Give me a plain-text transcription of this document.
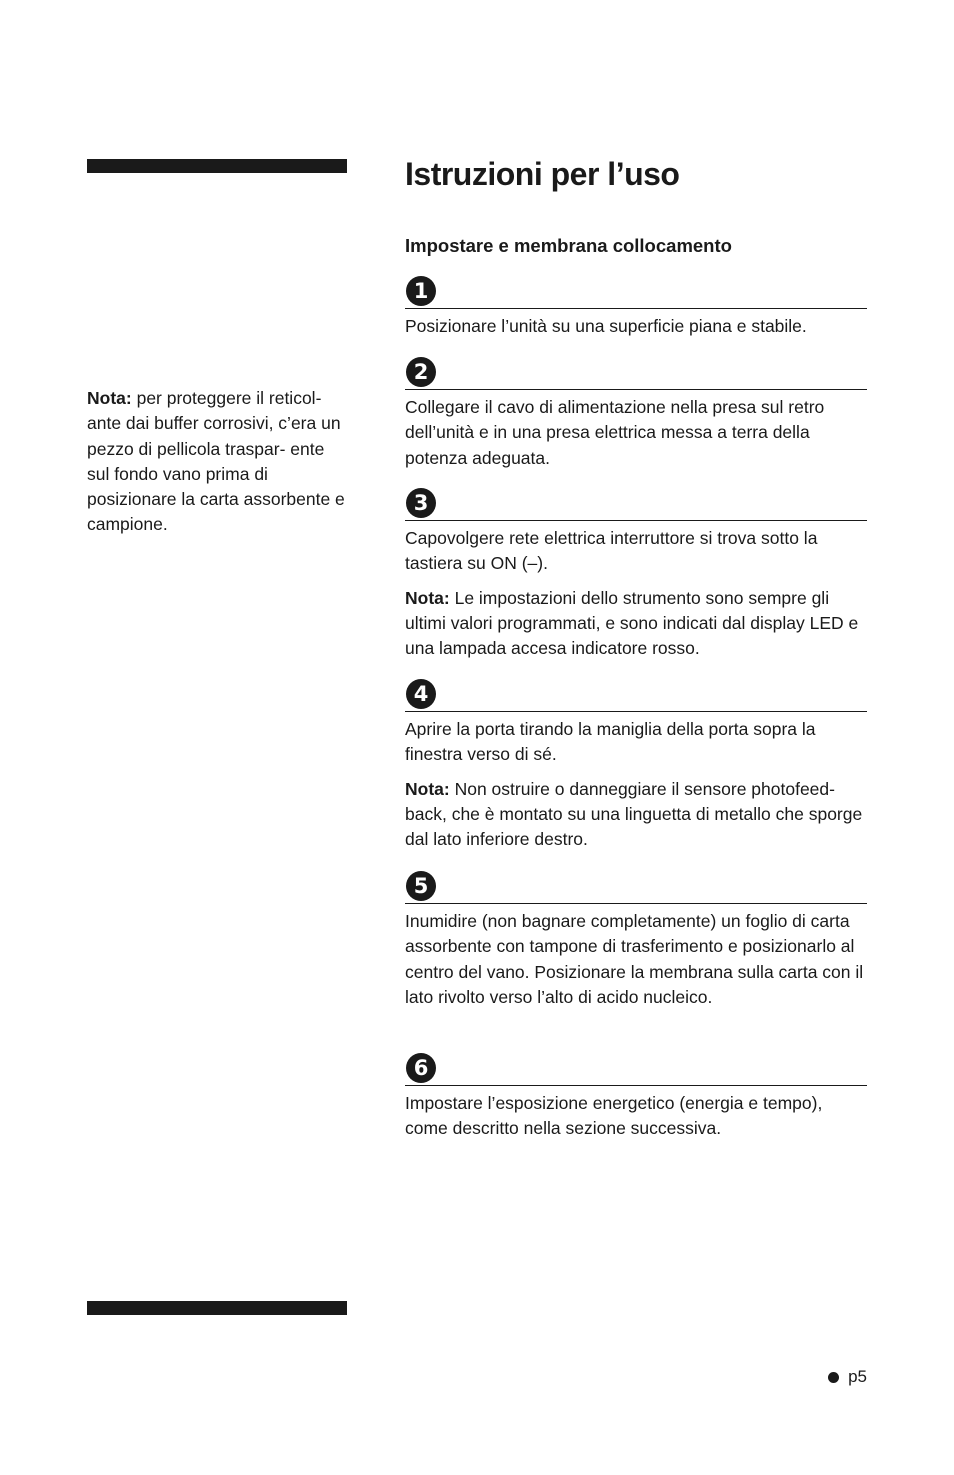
Nota: per proteggere il reticol- ante dai buffer corrosivi, c’era un pezzo di pellicola traspar- ente sul fondo vano prima di posizionare la carta assorbente e campione.
Istruzioni per l’uso
Impostare e membrana collocamento
1

Posizionare l’unità su una superficie piana e stabile.

2

Collegare il cavo di alimentazione nella presa sul retro dell’unità e in una presa elettrica messa a terra della potenza adeguata.

3

Capovolgere rete elettrica interruttore si trova sotto la tastiera su ON (–).

Nota: Le impostazioni dello strumento sono sempre gli ultimi valori programmati, e sono indicati dal display LED e una lampada accesa indicatore rosso.

4

Aprire la porta tirando la maniglia della porta sopra la finestra verso di sé.

Nota: Non ostruire o danneggiare il sensore photofeed- back, che è montato su una linguetta di metallo che sporge dal lato inferiore destro.

5

Inumidire (non bagnare completamente) un foglio di carta assorbente con tampone di trasferimento e posizionarlo al centro del vano. Posizionare la membrana sulla carta con il lato rivolto verso l’alto di acido nucleico.

6

Impostare l’esposizione energetico (energia e tempo), come descritto nella sezione successiva.

p5
